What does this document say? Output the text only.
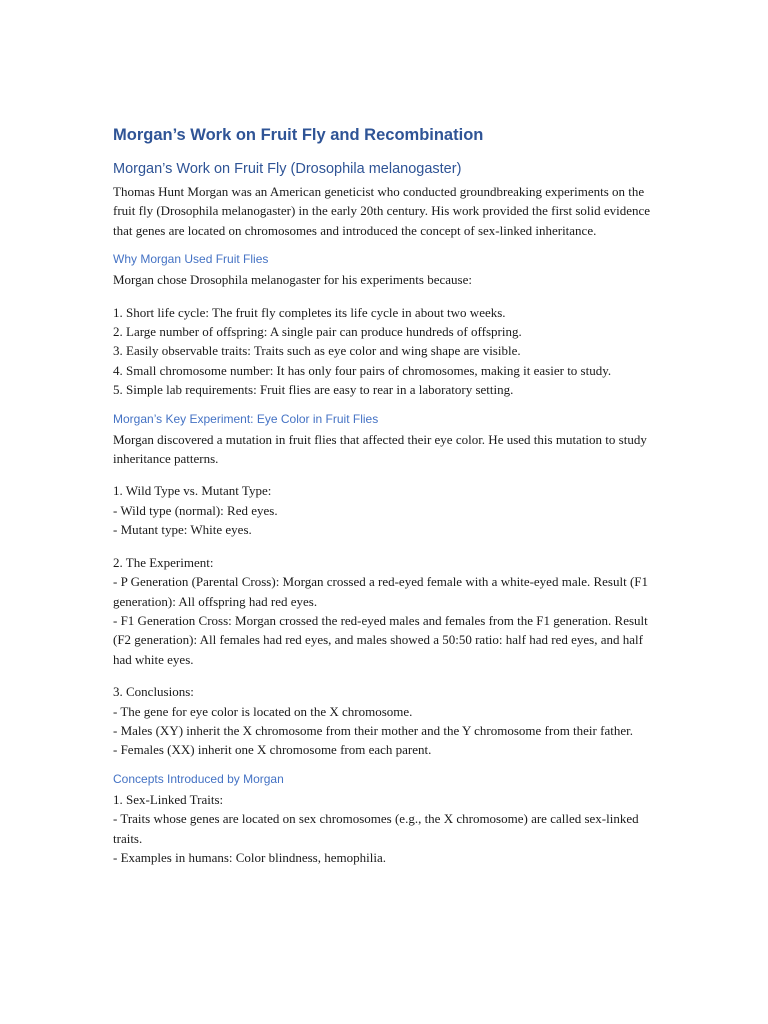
Morgan’s Work on Fruit Fly and Recombination
Morgan’s Work on Fruit Fly (Drosophila melanogaster)

Thomas Hunt Morgan was an American geneticist who conducted groundbreaking experiments on the fruit fly (Drosophila melanogaster) in the early 20th century. His work provided the first solid evidence that genes are located on chromosomes and introduced the concept of sex-linked inheritance.

Why Morgan Used Fruit Flies

Morgan chose Drosophila melanogaster for his experiments because:

1. Short life cycle: The fruit fly completes its life cycle in about two weeks.

2. Large number of offspring: A single pair can produce hundreds of offspring.

3. Easily observable traits: Traits such as eye color and wing shape are visible.

4. Small chromosome number: It has only four pairs of chromosomes, making it easier to study.

5. Simple lab requirements: Fruit flies are easy to rear in a laboratory setting.

Morgan’s Key Experiment: Eye Color in Fruit Flies

Morgan discovered a mutation in fruit flies that affected their eye color. He used this mutation to study inheritance patterns.

1. Wild Type vs. Mutant Type:

- Wild type (normal): Red eyes.

- Mutant type: White eyes.

2. The Experiment:

- P Generation (Parental Cross): Morgan crossed a red-eyed female with a white-eyed male. Result (F1 generation): All offspring had red eyes.

- F1 Generation Cross: Morgan crossed the red-eyed males and females from the F1 generation. Result (F2 generation): All females had red eyes, and males showed a 50:50 ratio: half had red eyes, and half had white eyes.

3. Conclusions:

- The gene for eye color is located on the X chromosome.

- Males (XY) inherit the X chromosome from their mother and the Y chromosome from their father.

- Females (XX) inherit one X chromosome from each parent.

Concepts Introduced by Morgan

1. Sex-Linked Traits:

- Traits whose genes are located on sex chromosomes (e.g., the X chromosome) are called sex-linked traits.

- Examples in humans: Color blindness, hemophilia.
